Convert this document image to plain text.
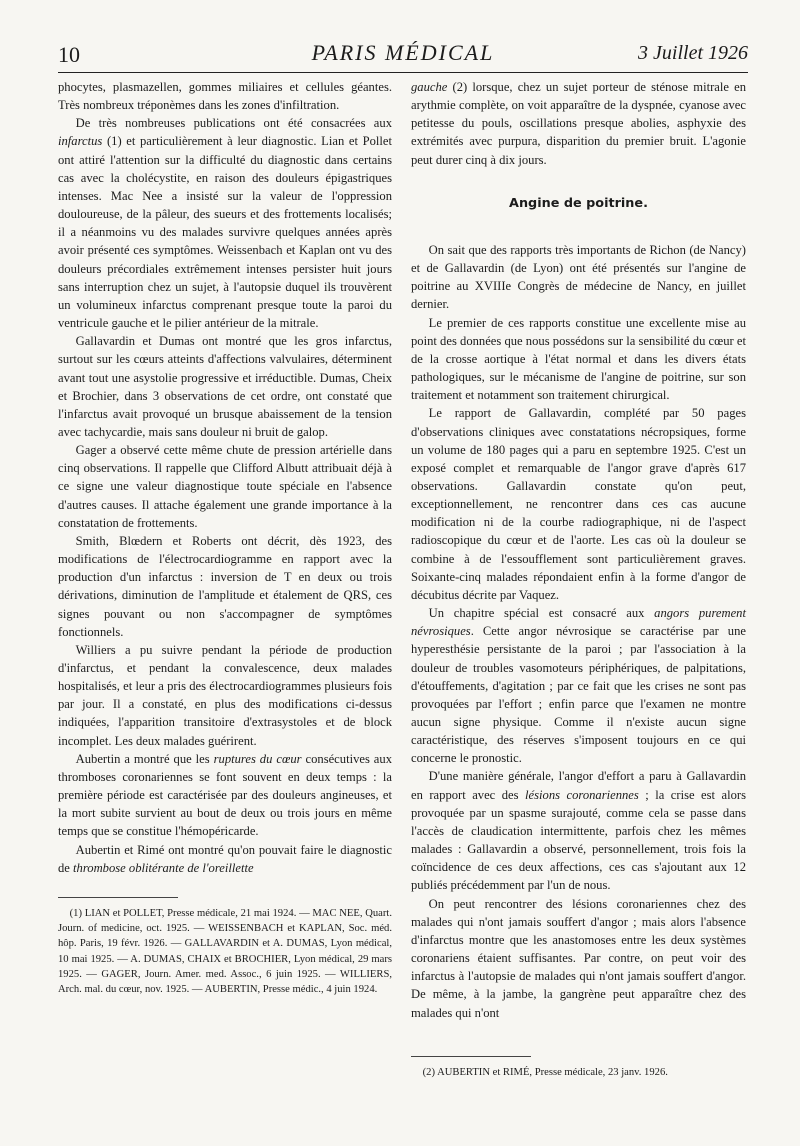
10	PARIS MÉDICAL	3 Juillet 1926

phocytes, plasmazellen, gommes miliaires et cellules géantes. Très nombreux tréponèmes dans les zones d'infiltration.

De très nombreuses publications ont été consacrées aux infarctus (1) et particulièrement à leur diagnostic. Lian et Pollet ont attiré l'attention sur la difficulté du diagnostic dans certains cas avec la cholécystite, en raison des douleurs épigastriques intenses. Mac Nee a insisté sur la valeur de l'oppression douloureuse, de la pâleur, des sueurs et des frottements localisés; il a néanmoins vu des malades survivre quelques années après avoir présenté ces symptômes. Weissenbach et Kaplan ont vu des douleurs précordiales extrêmement intenses persister huit jours sans interruption chez un sujet, à l'autopsie duquel ils trouvèrent un volumineux infarctus comprenant presque toute la paroi du ventricule gauche et le pilier antérieur de la mitrale.

Gallavardin et Dumas ont montré que les gros infarctus, surtout sur les cœurs atteints d'affections valvulaires, déterminent avant tout une asystolie progressive et irréductible. Dumas, Cheix et Brochier, dans 3 observations de cet ordre, ont constaté que l'infarctus avait provoqué un brusque abaissement de la tension avec tachycardie, mais sans douleur ni bruit de galop.

Gager a observé cette même chute de pression artérielle dans cinq observations. Il rappelle que Clifford Albutt attribuait déjà à ce signe une valeur diagnostique toute spéciale en l'absence d'autres causes. Il attache également une grande importance à la constatation de frottements.

Smith, Blœdern et Roberts ont décrit, dès 1923, des modifications de l'électrocardiogramme en rapport avec la production d'un infarctus : inversion de T en deux ou trois dérivations, diminution de l'amplitude et étalement de QRS, ces signes pouvant ou non s'accompagner de symptômes fonctionnels.

Williers a pu suivre pendant la période de production d'infarctus, et pendant la convalescence, deux malades hospitalisés, et leur a pris des électrocardiogrammes plusieurs fois par jour. Il a constaté, en plus des modifications ci-dessus indiquées, l'apparition transitoire d'extrasystoles et de block incomplet. Les deux malades guérirent.

Aubertin a montré que les ruptures du cœur consécutives aux thromboses coronariennes se font souvent en deux temps : la première période est caractérisée par des douleurs angineuses, et la mort subite survient au bout de deux ou trois jours en même temps que se constitue l'hémopéricarde.

Aubertin et Rimé ont montré qu'on pouvait faire le diagnostic de thrombose oblitérante de l'oreillette

(1) LIAN et POLLET, Presse médicale, 21 mai 1924. — MAC NEE, Quart. Journ. of medicine, oct. 1925. — WEISSENBACH et KAPLAN, Soc. méd. hôp. Paris, 19 févr. 1926. — GALLAVARDIN et A. DUMAS, Lyon médical, 10 mai 1925. — A. DUMAS, CHAIX et BROCHIER, Lyon médical, 29 mars 1925. — GAGER, Journ. Amer. med. Assoc., 6 juin 1925. — WILLIERS, Arch. mal. du cœur, nov. 1925. — AUBERTIN, Presse médic., 4 juin 1924.

gauche (2) lorsque, chez un sujet porteur de sténose mitrale en arythmie complète, on voit apparaître de la dyspnée, cyanose avec petitesse du pouls, oscillations presque abolies, asphyxie des extrémités avec purpura, disparition du premier bruit. L'agonie peut durer cinq à dix jours.

Angine de poitrine.

On sait que des rapports très importants de Richon (de Nancy) et de Gallavardin (de Lyon) ont été présentés sur l'angine de poitrine au XVIIIe Congrès de médecine de Nancy, en juillet dernier.

Le premier de ces rapports constitue une excellente mise au point des données que nous possédons sur la sensibilité du cœur et de la crosse aortique à l'état normal et dans les divers états pathologiques, sur le mécanisme de l'angine de poitrine, sur son traitement et notamment son traitement chirurgical.

Le rapport de Gallavardin, complété par 50 pages d'observations cliniques avec constatations nécropsiques, forme un volume de 180 pages qui a paru en septembre 1925. C'est un exposé complet et remarquable de l'angor grave d'après 617 observations. Gallavardin constate qu'on peut, exceptionnellement, ne rencontrer dans ces cas aucune modification ni de la courbe radiographique, ni de l'aspect radioscopique du cœur et de l'aorte. Les cas où la douleur se combine à de l'essoufflement sont particulièrement graves. Soixante-cinq malades répondaient enfin à la forme d'angor de décubitus décrite par Vaquez.

Un chapitre spécial est consacré aux angors purement névrosiques. Cette angor névrosique se caractérise par une hyperesthésie persistante de la paroi ; par l'association à la douleur de troubles vasomoteurs périphériques, de palpitations, d'étouffements, d'agitation ; par ce fait que les crises ne sont pas provoquées par l'effort ; enfin parce que l'examen ne montre aucun signe physique. Comme il n'existe aucun signe caractéristique, des réserves s'imposent toujours en ce qui concerne le pronostic.

D'une manière générale, l'angor d'effort a paru à Gallavardin en rapport avec des lésions coronariennes ; la crise est alors provoquée par un spasme surajouté, comme cela se passe dans l'accès de claudication intermittente, parfois chez les mêmes malades : Gallavardin a observé, personnellement, trois fois la coïncidence de ces deux affections, ces cas s'ajoutant aux 12 publiés précédemment par l'un de nous.

On peut rencontrer des lésions coronariennes chez des malades qui n'ont jamais souffert d'angor ; mais alors l'absence d'infarctus montre que les anastomoses entre les deux systèmes coronariens étaient suffisantes. Par contre, on peut voir des infarctus à l'autopsie de malades qui n'ont jamais souffert d'angor. De même, à la jambe, la gangrène peut apparaître chez des malades qui n'ont

(2) AUBERTIN et RIMÉ, Presse médicale, 23 janv. 1926.
